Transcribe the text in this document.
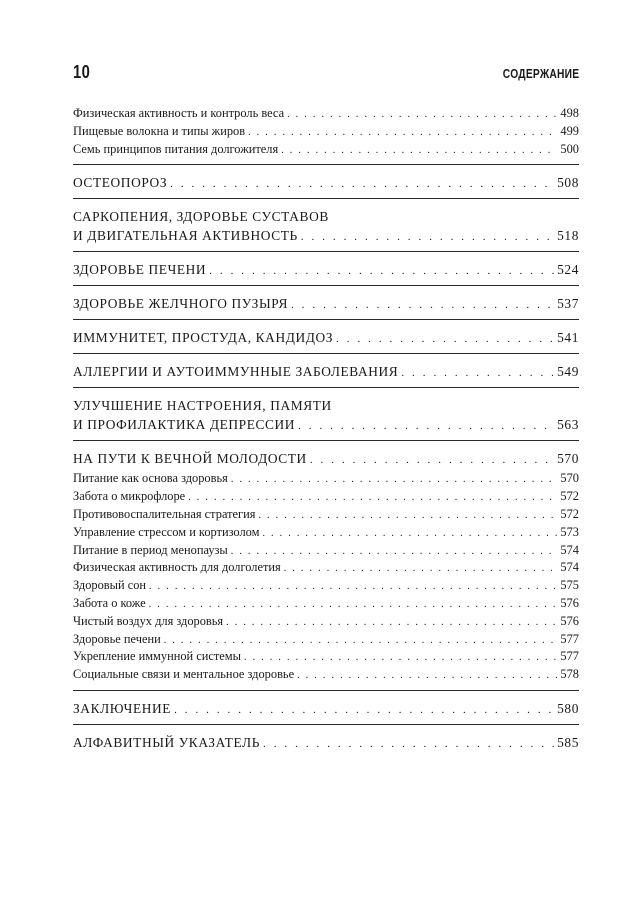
10	СОДЕРЖАНИЕ
Физическая активность и контроль веса . . .	498
Пищевые волокна и типы жиров . . .	499
Семь принципов питания долгожителя . . .	500
ОСТЕОПОРОЗ . . .	508
САРКОПЕНИЯ, ЗДОРОВЬЕ СУСТАВОВ
И ДВИГАТЕЛЬНАЯ АКТИВНОСТЬ . . .	518
ЗДОРОВЬЕ ПЕЧЕНИ . . .	524
ЗДОРОВЬЕ ЖЕЛЧНОГО ПУЗЫРЯ . . .	537
ИММУНИТЕТ, ПРОСТУДА, КАНДИДОЗ . . .	541
АЛЛЕРГИИ И АУТОИММУННЫЕ ЗАБОЛЕВАНИЯ . . .	549
УЛУЧШЕНИЕ НАСТРОЕНИЯ, ПАМЯТИ
И ПРОФИЛАКТИКА ДЕПРЕССИИ . . .	563
НА ПУТИ К ВЕЧНОЙ МОЛОДОСТИ . . .	570
Питание как основа здоровья . . .	570
Забота о микрофлоре . . .	572
Противовоспалительная стратегия . . .	572
Управление стрессом и кортизолом . . .	573
Питание в период менопаузы . . .	574
Физическая активность для долголетия . . .	574
Здоровый сон . . .	575
Забота о коже . . .	576
Чистый воздух для здоровья . . .	576
Здоровье печени . . .	577
Укрепление иммунной системы . . .	577
Социальные связи и ментальное здоровье . . .	578
ЗАКЛЮЧЕНИЕ . . .	580
АЛФАВИТНЫЙ УКАЗАТЕЛЬ . . .	585
